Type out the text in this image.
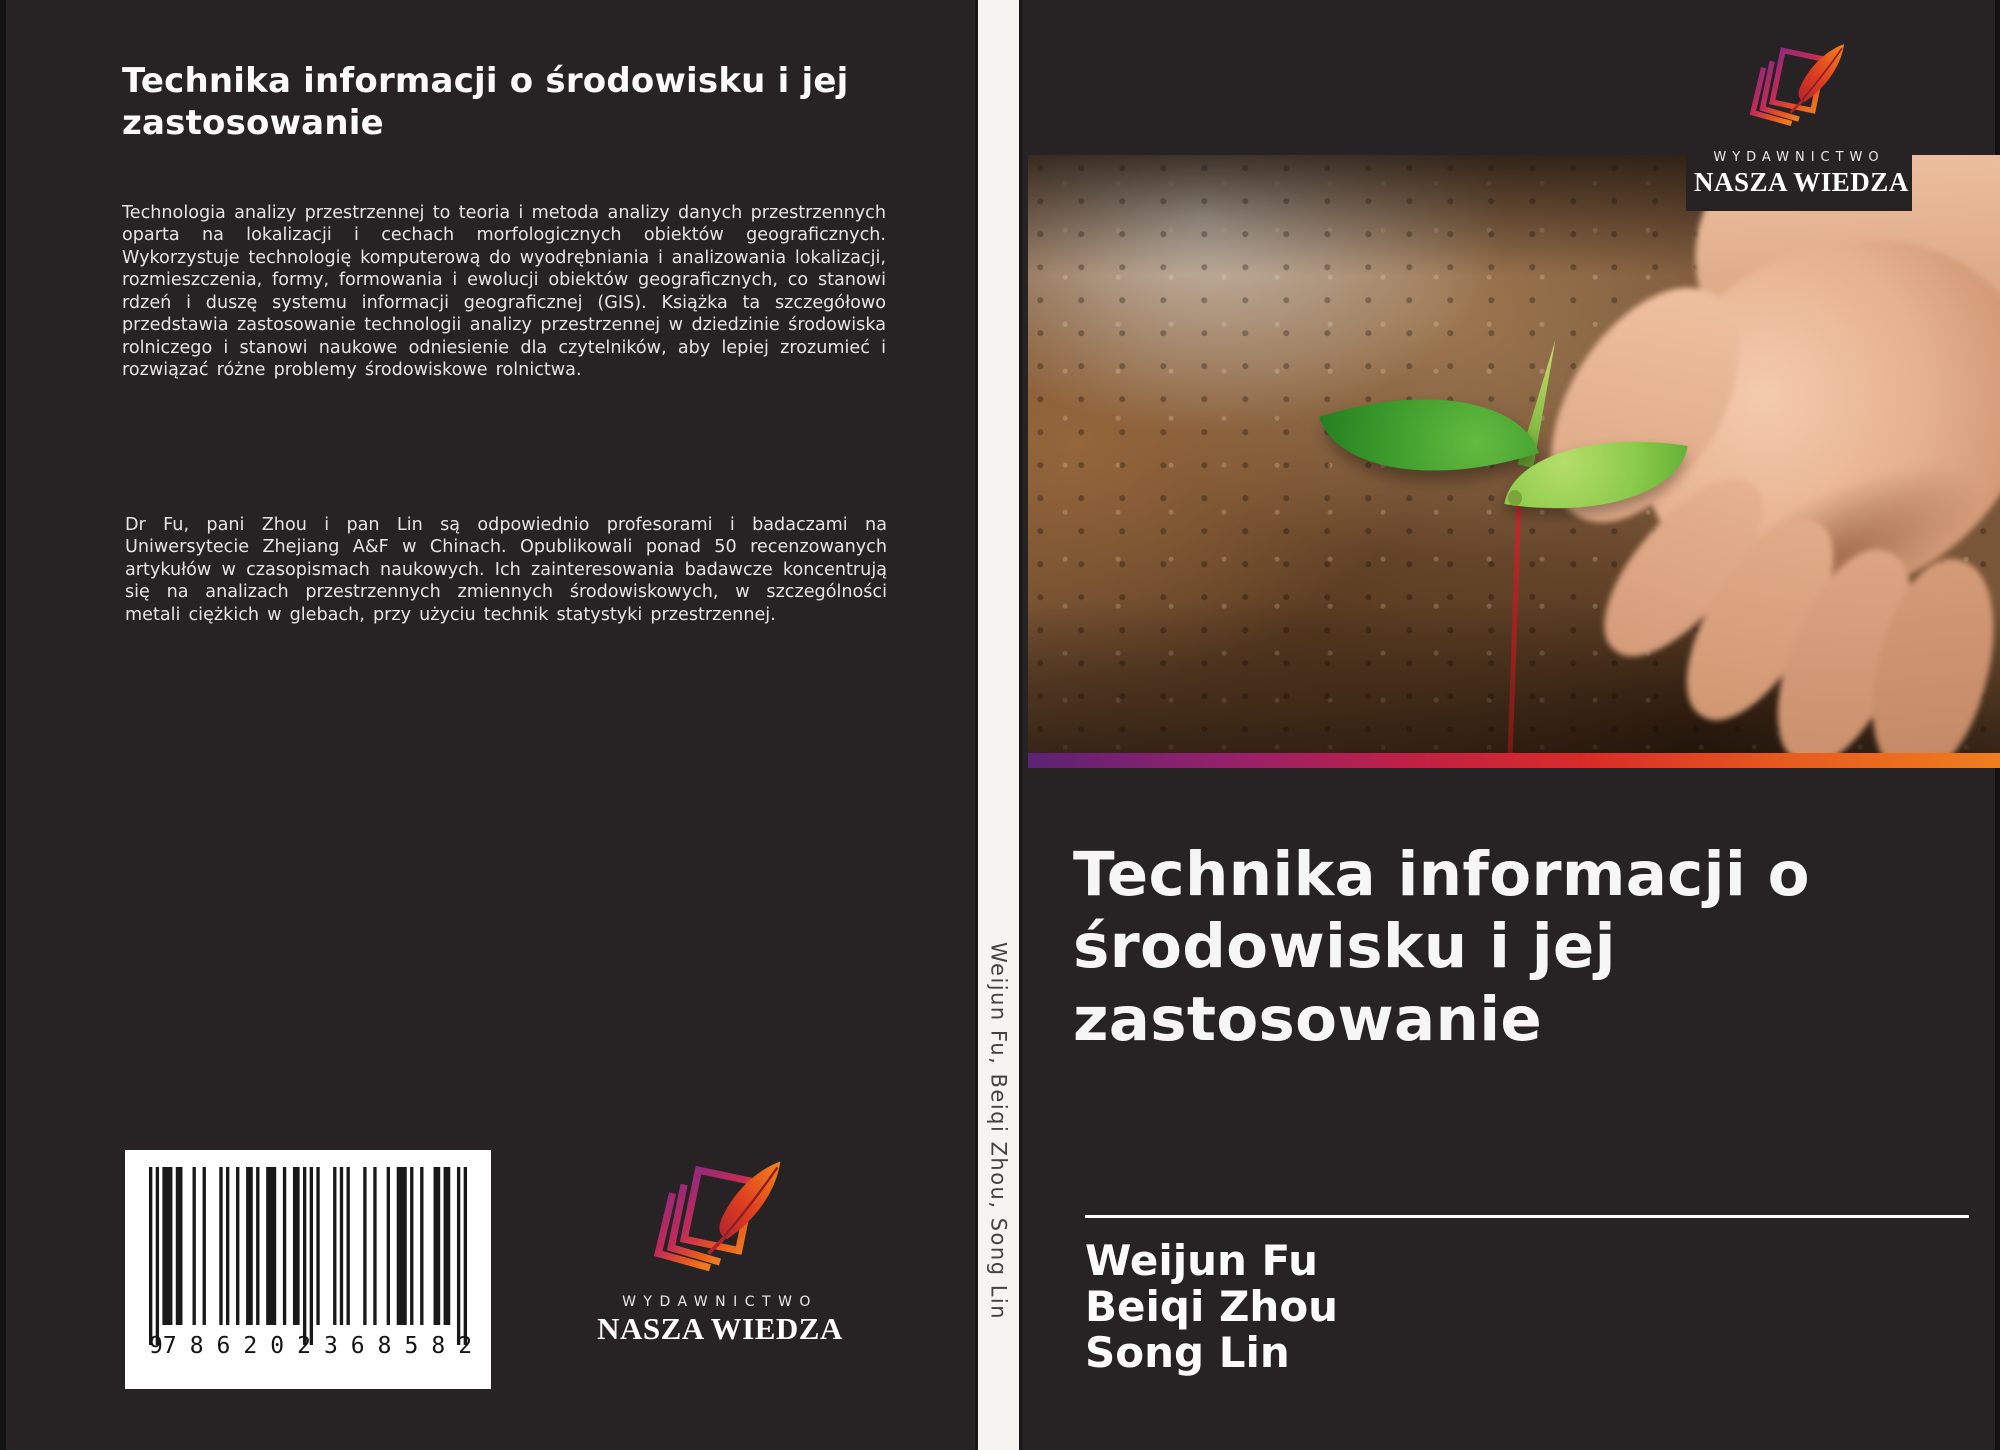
Technika informacji o środowisku i jej zastosowanie

Technologia analizy przestrzennej to teoria i metoda analizy danych przestrzennych oparta na lokalizacji i cechach morfologicznych obiektów geograficznych. Wykorzystuje technologię komputerową do wyodrębniania i analizowania lokalizacji, rozmieszczenia, formy, formowania i ewolucji obiektów geograficznych, co stanowi rdzeń i duszę systemu informacji geograficznej (GIS). Książka ta szczegółowo przedstawia zastosowanie technologii analizy przestrzennej w dziedzinie środowiska rolniczego i stanowi naukowe odniesienie dla czytelników, aby lepiej zrozumieć i rozwiązać różne problemy środowiskowe rolnictwa.

Dr Fu, pani Zhou i pan Lin są odpowiednio profesorami i badaczami na Uniwersytecie Zhejiang A&F w Chinach. Opublikowali ponad 50 recenzowanych artykułów w czasopismach naukowych. Ich zainteresowania badawcze koncentrują się na analizach przestrzennych zmiennych środowiskowych, w szczególności metali ciężkich w glebach, przy użyciu technik statystyki przestrzennej.

9 786202 368582
WYDAWNICTWO
NASZA WIEDZA
Weijun Fu, Beiqi Zhou, Song Lin
WYDAWNICTWO
NASZA WIEDZA
Technika informacji o środowisku i jej zastosowanie
Weijun Fu
Beiqi Zhou
Song Lin
